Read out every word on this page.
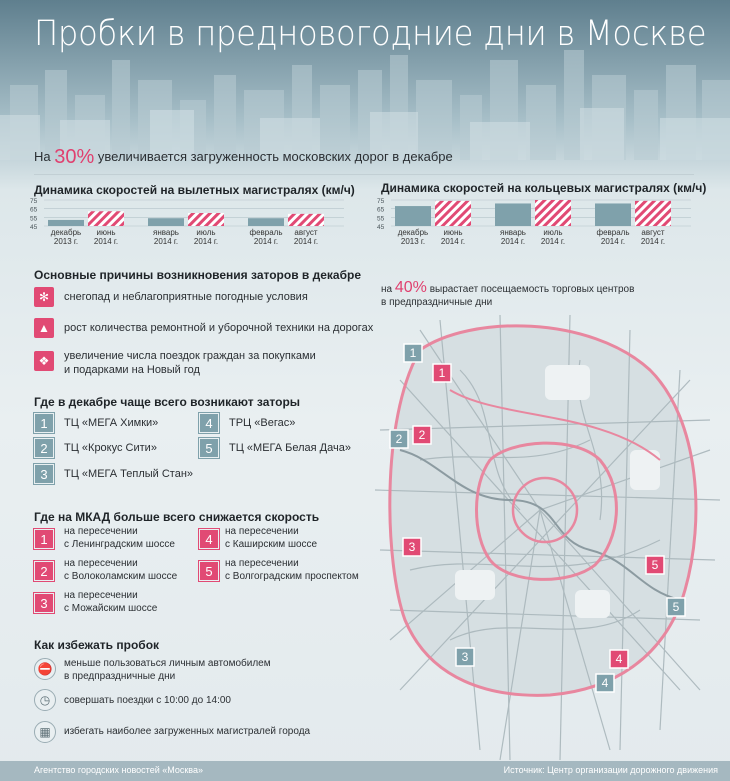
Пробки в предновогодние дни в Москве
На 30% увеличивается загруженность московских дорог в декабре
Динамика скоростей на вылетных магистралях (км/ч)
45
55
65
75
декабрь
2013 г.
июнь
2014 г.
январь
2014 г.
июль
2014 г.
февраль
2014 г.
август
2014 г.
Динамика скоростей на кольцевых магистралях (км/ч)
45
55
65
75
декабрь
2013 г.
июнь
2014 г.
январь
2014 г.
июль
2014 г.
февраль
2014 г.
август
2014 г.
Основные причины возникновения заторов в декабре
✻	снегопад и неблагоприятные погодные условия
▲	рост количества ремонтной и уборочной техники на дорогах
❖	увеличение числа поездок граждан за покупками
и подарками на Новый год
Где в декабре чаще всего возникают заторы
1	ТЦ «МЕГА Химки»
2	ТЦ «Крокус Сити»
3	ТЦ «МЕГА Теплый Стан»
4	ТРЦ «Вегас»
5	ТЦ «МЕГА Белая Дача»
Где на МКАД больше всего снижается скорость
1	на пересечении
с Ленинградским шоссе
2	на пересечении
с Волоколамским шоссе
3	на пересечении
с Можайским шоссе
4	на пересечении
с Каширским шоссе
5	на пересечении
с Волгоградским проспектом
Как избежать пробок
⛔	меньше пользоваться личным автомобилем
в предпраздничные дни
◷	совершать поездки с 10:00 до 14:00
▦	избегать наиболее загруженных магистралей города
на 40% вырастает посещаемость торговых центров
в предпраздничные дни
1
1
2 2
3
5
5
3	4
4
Агентство городских новостей «Москва»	Источник: Центр организации дорожного движения
